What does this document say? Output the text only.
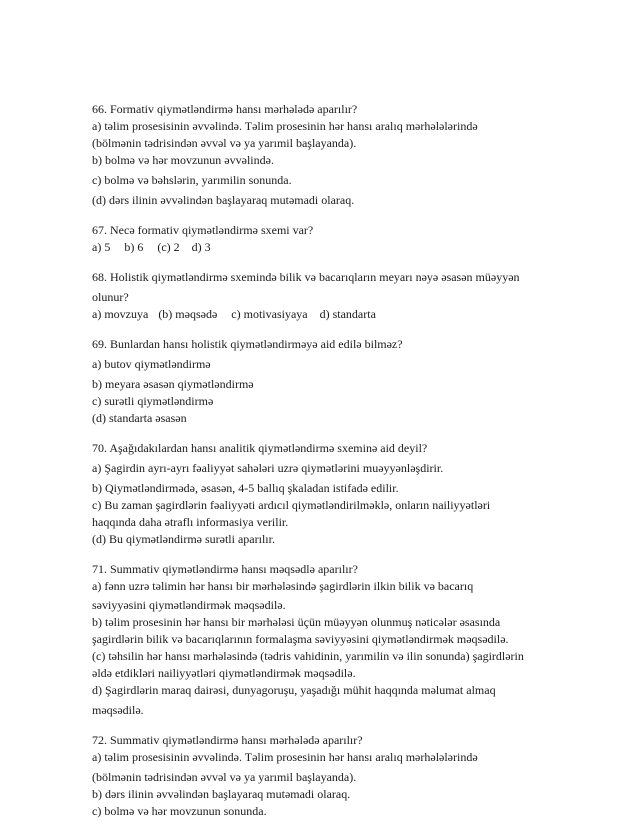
66. Formativ qiymətləndirmə hansı mərhələdə aparılır?
a) təlim prosesisinin əvvəlində. Təlim prosesinin hər hansı aralıq mərhələlərində
(bölmənin tədrisindən əvvəl və ya yarımil başlayanda).
b) bolmə və hər movzunun əvvəlində.
c) bolmə və bəhslərin, yarımilin sonunda.
(d) dərs ilinin əvvəlindən başlayaraq mutəmadi olaraq.
67. Necə formativ qiymətləndirmə sxemi var?
a) 5 b) 6 (c) 2 d) 3
68. Holistik qiymətləndirmə sxemində bilik və bacarıqların meyarı nəyə əsasən müəyyən
olunur?
a) movzuya (b) məqsədə c) motivasiyaya d) standarta
69. Bunlardan hansı holistik qiymətləndirməyə aid edilə bilməz?
a) butov qiymətləndirmə
b) meyara əsasən qiymətləndirmə
c) surətli qiymətləndirmə
(d) standarta əsasən
70. Aşağıdakılardan hansı analitik qiymətləndirmə sxeminə aid deyil?
a) Şagirdin ayrı-ayrı fəaliyyət sahələri uzrə qiymətlərini muəyyənləşdirir.
b) Qiymətləndirmədə, əsasən, 4-5 ballıq şkaladan istifadə edilir.
c) Bu zaman şagirdlərin fəaliyyəti ardıcıl qiymətləndirilməklə, onların nailiyyətləri
haqqında daha ətraflı informasiya verilir.
(d) Bu qiymətləndirmə surətli aparılır.
71. Summativ qiymətləndirmə hansı məqsədlə aparılır?
a) fənn uzrə təlimin hər hansı bir mərhələsində şagirdlərin ilkin bilik və bacarıq
səviyyəsini qiymətləndirmək məqsədilə.
b) təlim prosesinin hər hansı bir mərhələsi üçün müəyyən olunmuş nəticələr əsasında
şagirdlərin bilik və bacarıqlarının formalaşma səviyyəsini qiymətləndirmək məqsədilə.
(c) təhsilin hər hansı mərhələsində (tədris vahidinin, yarımilin və ilin sonunda) şagirdlərin
əldə etdikləri nailiyyətləri qiymətləndirmək məqsədilə.
d) Şagirdlərin maraq dairəsi, dunyagoruşu, yaşadığı mühit haqqında məlumat almaq
məqsədilə.
72. Summativ qiymətləndirmə hansı mərhələdə aparılır?
a) təlim prosesisinin əvvəlində. Təlim prosesinin hər hansı aralıq mərhələlərində
(bölmənin tədrisindən əvvəl və ya yarımil başlayanda).
b) dərs ilinin əvvəlindən başlayaraq mutəmadi olaraq.
c) bolmə və hər movzunun sonunda.
